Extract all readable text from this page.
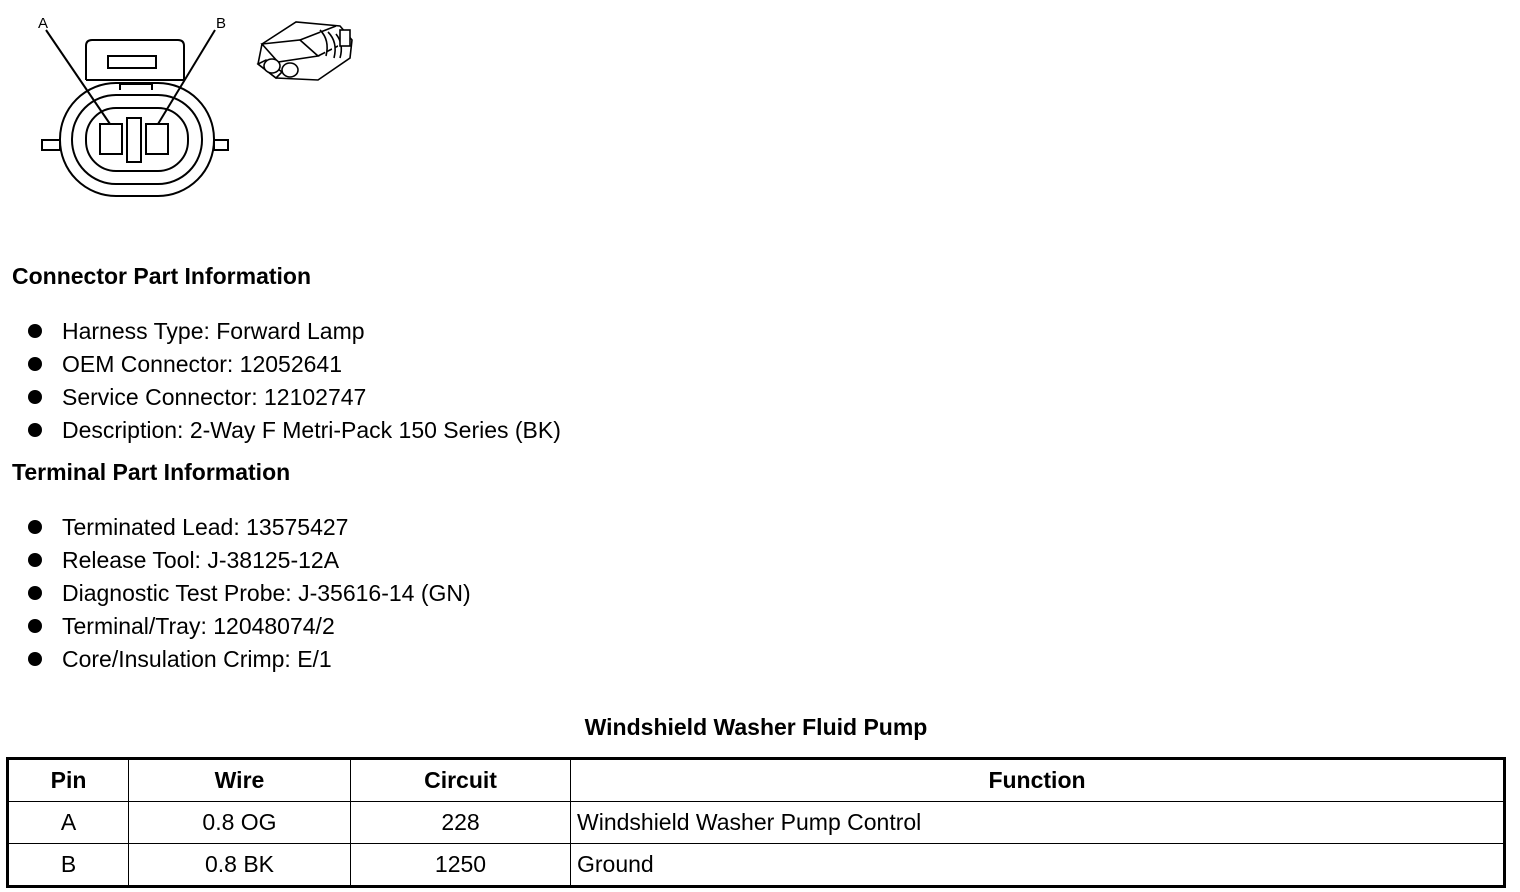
A	B
Connector Part Information
Harness Type: Forward Lamp
OEM Connector: 12052641
Service Connector: 12102747
Description: 2-Way F Metri-Pack 150 Series (BK)
Terminal Part Information
Terminated Lead: 13575427
Release Tool: J-38125-12A
Diagnostic Test Probe: J-35616-14 (GN)
Terminal/Tray: 12048074/2
Core/Insulation Crimp: E/1
Windshield Washer Fluid Pump
Pin	Wire	Circuit	Function
A	0.8 OG	228	Windshield Washer Pump Control
B	0.8 BK	1250	Ground
